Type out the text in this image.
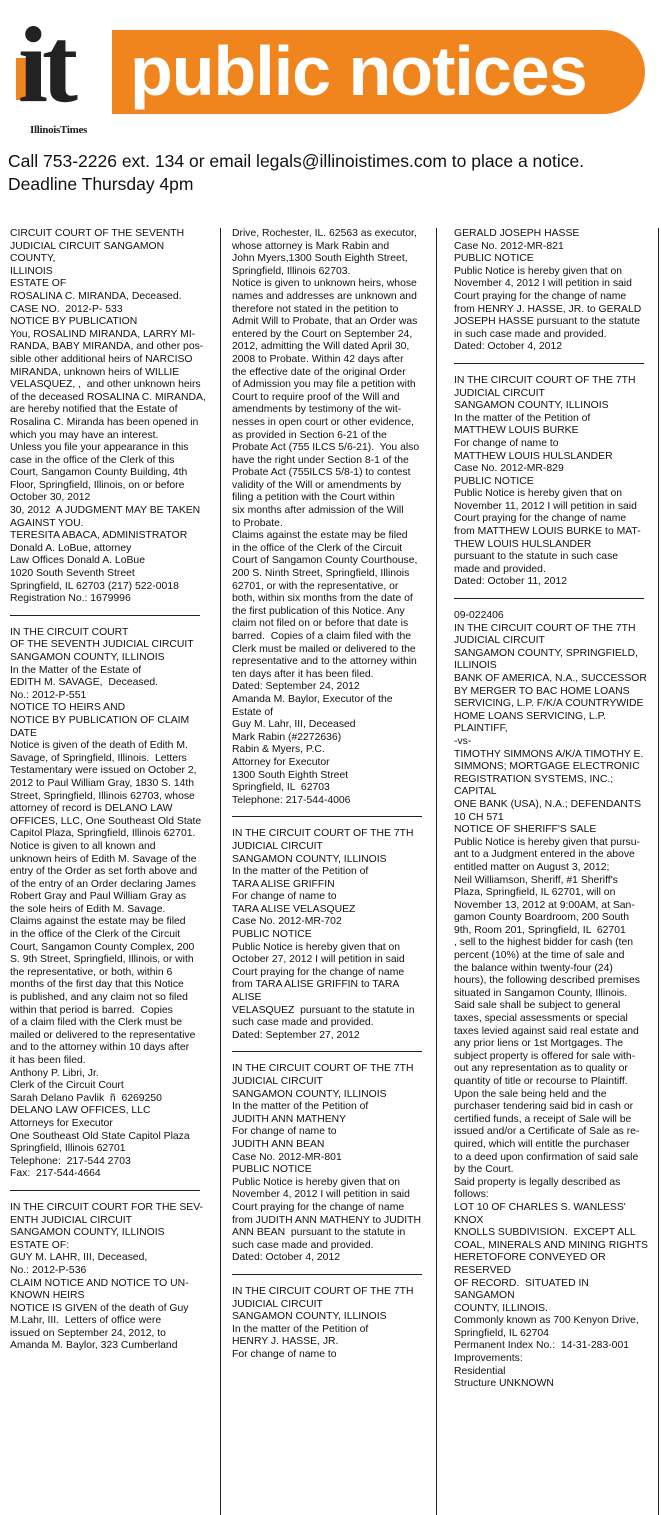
public notices
it
IllinoisTimes
Call 753-2226 ext. 134 or email legals@illinoistimes.com to place a notice.
Deadline Thursday 4pm

CIRCUIT COURT OF THE SEVENTH

JUDICIAL CIRCUIT SANGAMON COUNTY,

ILLINOIS

ESTATE OF

ROSALINA C. MIRANDA, Deceased.

CASE NO.  2012-P- 533

NOTICE BY PUBLICATION

You, ROSALIND MIRANDA, LARRY MI-

RANDA, BABY MIRANDA, and other pos-

sible other additional heirs of NARCISO

MIRANDA, unknown heirs of WILLIE

VELASQUEZ, ,  and other unknown heirs

of the deceased ROSALINA C. MIRANDA,

are hereby notified that the Estate of

Rosalina C. Miranda has been opened in

which you may have an interest.

Unless you file your appearance in this

case in the office of the Clerk of this

Court, Sangamon County Building, 4th

Floor, Springfield, Illinois, on or before

October 30, 2012

30, 2012  A JUDGMENT MAY BE TAKEN

AGAINST YOU.

TERESITA ABACA, ADMINISTRATOR

Donald A. LoBue, attorney

Law Offices Donald A. LoBue

1020 South Seventh Street

Springfield, IL 62703 (217) 522-0018

Registration No.: 1679996

IN THE CIRCUIT COURT

OF THE SEVENTH JUDICIAL CIRCUIT

SANGAMON COUNTY, ILLINOIS

In the Matter of the Estate of

EDITH M. SAVAGE,  Deceased.

No.: 2012-P-551

NOTICE TO HEIRS AND

NOTICE BY PUBLICATION OF CLAIM

DATE

Notice is given of the death of Edith M.

Savage, of Springfield, Illinois.  Letters

Testamentary were issued on October 2,

2012 to Paul William Gray, 1830 S. 14th

Street, Springfield, Illinois 62703, whose

attorney of record is DELANO LAW

OFFICES, LLC, One Southeast Old State

Capitol Plaza, Springfield, Illinois 62701.

Notice is given to all known and

unknown heirs of Edith M. Savage of the

entry of the Order as set forth above and

of the entry of an Order declaring James

Robert Gray and Paul William Gray as

the sole heirs of Edith M. Savage.

Claims against the estate may be filed

in the office of the Clerk of the Circuit

Court, Sangamon County Complex, 200

S. 9th Street, Springfield, Illinois, or with

the representative, or both, within 6

months of the first day that this Notice

is published, and any claim not so filed

within that period is barred.  Copies

of a claim filed with the Clerk must be

mailed or delivered to the representative

and to the attorney within 10 days after

it has been filed.

Anthony P. Libri, Jr.

Clerk of the Circuit Court

Sarah Delano Pavlik  ñ  6269250

DELANO LAW OFFICES, LLC

Attorneys for Executor

One Southeast Old State Capitol Plaza

Springfield, Illinois 62701

Telephone:  217-544 2703

Fax:  217-544-4664

IN THE CIRCUIT COURT FOR THE SEV-

ENTH JUDICIAL CIRCUIT

SANGAMON COUNTY, ILLINOIS

ESTATE OF:

GUY M. LAHR, III, Deceased,

No.: 2012-P-536

CLAIM NOTICE AND NOTICE TO UN-

KNOWN HEIRS

NOTICE IS GIVEN of the death of Guy

M.Lahr, III.  Letters of office were

issued on September 24, 2012, to

Amanda M. Baylor, 323 Cumberland

Drive, Rochester, IL. 62563 as executor,

whose attorney is Mark Rabin and

John Myers,1300 South Eighth Street,

Springfield, Illinois 62703.

Notice is given to unknown heirs, whose

names and addresses are unknown and

therefore not stated in the petition to

Admit Will to Probate, that an Order was

entered by the Court on September 24,

2012, admitting the Will dated April 30,

2008 to Probate. Within 42 days after

the effective date of the original Order

of Admission you may file a petition with

Court to require proof of the Will and

amendments by testimony of the wit-

nesses in open court or other evidence,

as provided in Section 6-21 of the

Probate Act (755 ILCS 5/6-21).  You also

have the right under Section 8-1 of the

Probate Act (755ILCS 5/8-1) to contest

validity of the Will or amendments by

filing a petition with the Court within

six months after admission of the Will

to Probate.

Claims against the estate may be filed

in the office of the Clerk of the Circuit

Court of Sangamon County Courthouse,

200 S. Ninth Street, Springfield, Illinois

62701, or with the representative, or

both, within six months from the date of

the first publication of this Notice. Any

claim not filed on or before that date is

barred.  Copies of a claim filed with the

Clerk must be mailed or delivered to the

representative and to the attorney within

ten days after it has been filed.

Dated: September 24, 2012

Amanda M. Baylor, Executor of the

Estate of

Guy M. Lahr, III, Deceased

Mark Rabin (#2272636)

Rabin & Myers, P.C.

Attorney for Executor

1300 South Eighth Street

Springfield, IL  62703

Telephone: 217-544-4006

IN THE CIRCUIT COURT OF THE 7TH

JUDICIAL CIRCUIT

SANGAMON COUNTY, ILLINOIS

In the matter of the Petition of

TARA ALISE GRIFFIN

For change of name to

TARA ALISE VELASQUEZ

Case No. 2012-MR-702

PUBLIC NOTICE

Public Notice is hereby given that on

October 27, 2012 I will petition in said

Court praying for the change of name

from TARA ALISE GRIFFIN to TARA ALISE

VELASQUEZ  pursuant to the statute in

such case made and provided.

Dated: September 27, 2012

IN THE CIRCUIT COURT OF THE 7TH

JUDICIAL CIRCUIT

SANGAMON COUNTY, ILLINOIS

In the matter of the Petition of

JUDITH ANN MATHENY

For change of name to

JUDITH ANN BEAN

Case No. 2012-MR-801

PUBLIC NOTICE

Public Notice is hereby given that on

November 4, 2012 I will petition in said

Court praying for the change of name

from JUDITH ANN MATHENY to JUDITH

ANN BEAN  pursuant to the statute in

such case made and provided.

Dated: October 4, 2012

IN THE CIRCUIT COURT OF THE 7TH

JUDICIAL CIRCUIT

SANGAMON COUNTY, ILLINOIS

In the matter of the Petition of

HENRY J. HASSE, JR.

For change of name to

GERALD JOSEPH HASSE

Case No. 2012-MR-821

PUBLIC NOTICE

Public Notice is hereby given that on

November 4, 2012 I will petition in said

Court praying for the change of name

from HENRY J. HASSE, JR. to GERALD

JOSEPH HASSE pursuant to the statute

in such case made and provided.

Dated: October 4, 2012

IN THE CIRCUIT COURT OF THE 7TH

JUDICIAL CIRCUIT

SANGAMON COUNTY, ILLINOIS

In the matter of the Petition of

MATTHEW LOUIS BURKE

For change of name to

MATTHEW LOUIS HULSLANDER

Case No. 2012-MR-829

PUBLIC NOTICE

Public Notice is hereby given that on

November 11, 2012 I will petition in said

Court praying for the change of name

from MATTHEW LOUIS BURKE to MAT-

THEW LOUIS HULSLANDER

pursuant to the statute in such case

made and provided.

Dated: October 11, 2012

09-022406

IN THE CIRCUIT COURT OF THE 7TH

JUDICIAL CIRCUIT

SANGAMON COUNTY, SPRINGFIELD,

ILLINOIS

BANK OF AMERICA, N.A., SUCCESSOR

BY MERGER TO BAC HOME LOANS

SERVICING, L.P. F/K/A COUNTRYWIDE

HOME LOANS SERVICING, L.P.

PLAINTIFF,

-vs-

TIMOTHY SIMMONS A/K/A TIMOTHY E.

SIMMONS; MORTGAGE ELECTRONIC

REGISTRATION SYSTEMS, INC.; CAPITAL

ONE BANK (USA), N.A.; DEFENDANTS

10 CH 571

NOTICE OF SHERIFF'S SALE

Public Notice is hereby given that pursu-

ant to a Judgment entered in the above

entitled matter on August 3, 2012;

Neil Williamson, Sheriff, #1 Sheriff's

Plaza, Springfield, IL 62701, will on

November 13, 2012 at 9:00AM, at San-

gamon County Boardroom, 200 South

9th, Room 201, Springfield, IL  62701

, sell to the highest bidder for cash (ten

percent (10%) at the time of sale and

the balance within twenty-four (24)

hours), the following described premises

situated in Sangamon County, Illinois.

Said sale shall be subject to general

taxes, special assessments or special

taxes levied against said real estate and

any prior liens or 1st Mortgages. The

subject property is offered for sale with-

out any representation as to quality or

quantity of title or recourse to Plaintiff.

Upon the sale being held and the

purchaser tendering said bid in cash or

certified funds, a receipt of Sale will be

issued and/or a Certificate of Sale as re-

quired, which will entitle the purchaser

to a deed upon confirmation of said sale

by the Court.

Said property is legally described as

follows:

LOT 10 OF CHARLES S. WANLESS' KNOX

KNOLLS SUBDIVISION.  EXCEPT ALL

COAL, MINERALS AND MINING RIGHTS

HERETOFORE CONVEYED OR RESERVED

OF RECORD.  SITUATED IN SANGAMON

COUNTY, ILLINOIS.

Commonly known as 700 Kenyon Drive,

Springfield, IL 62704

Permanent Index No.:  14-31-283-001

Improvements:

Residential

Structure UNKNOWN
